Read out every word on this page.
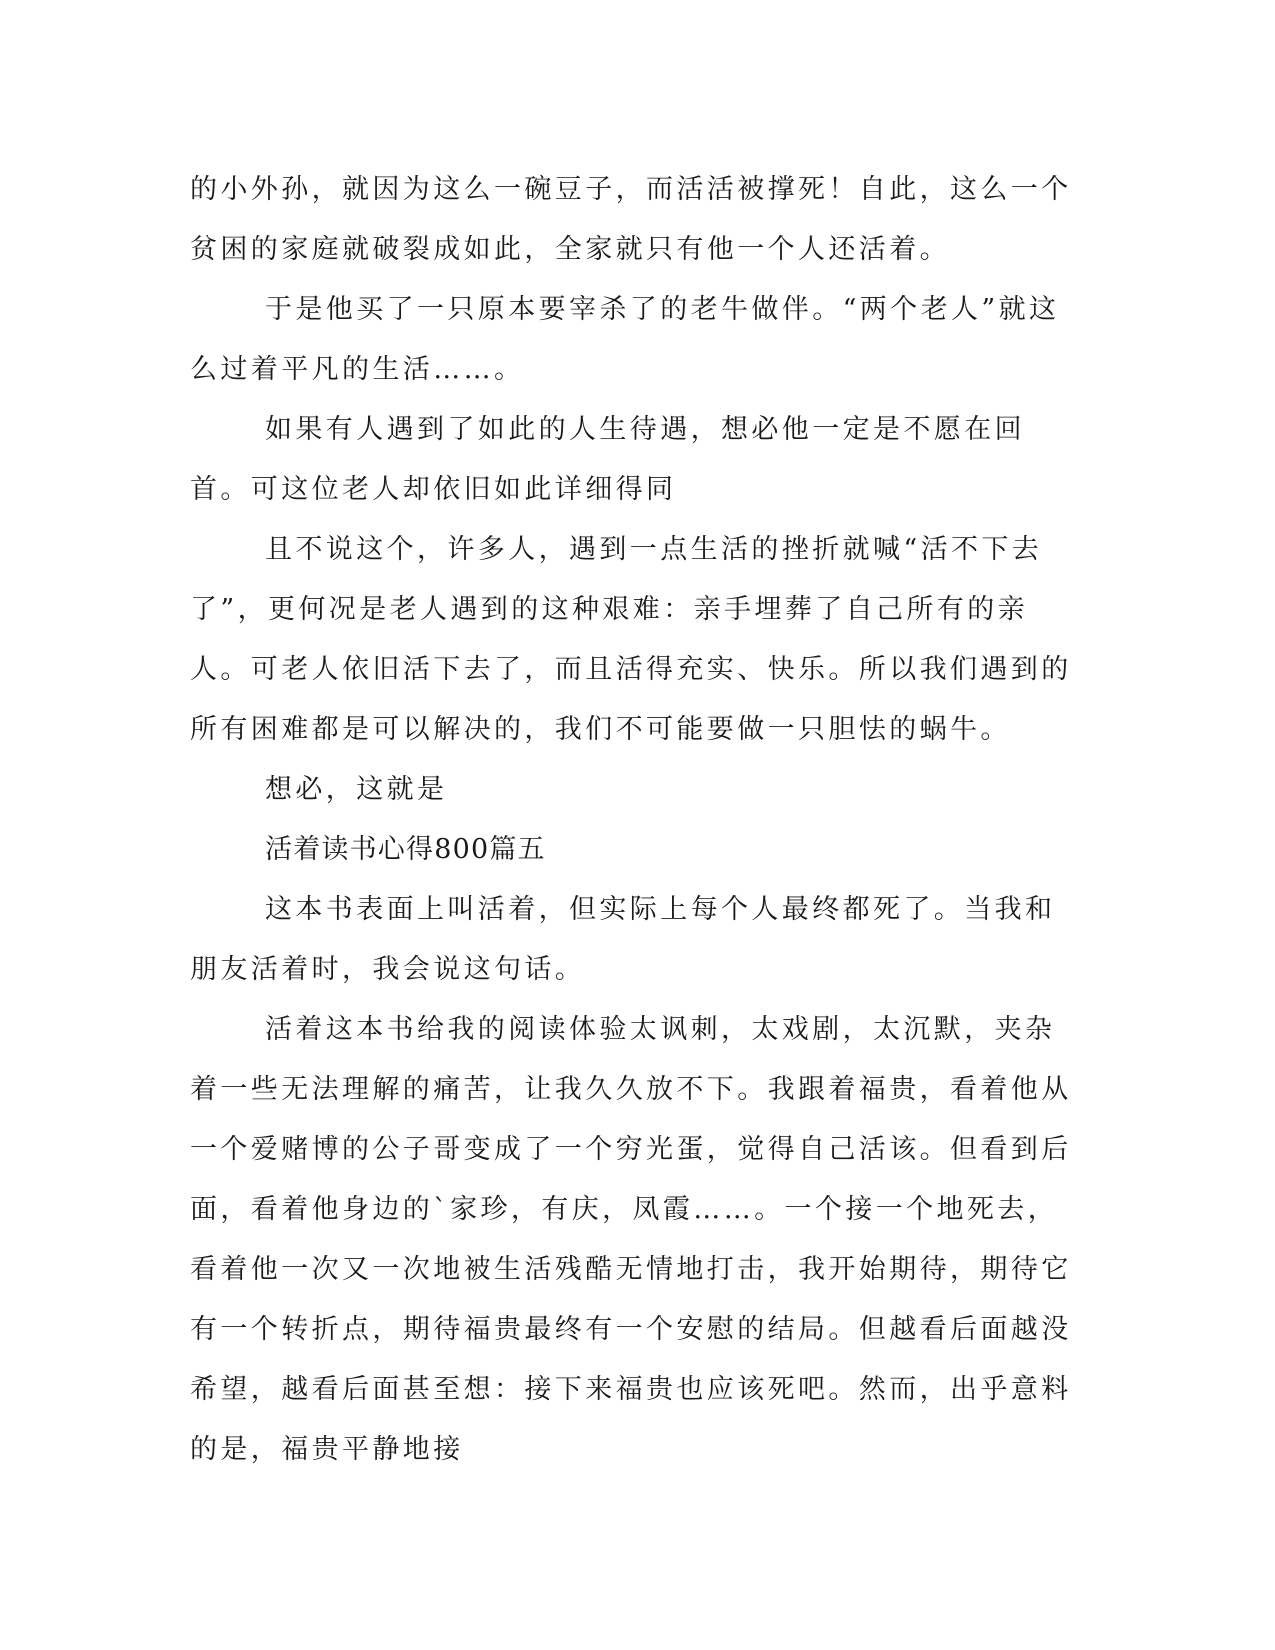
的小外孙，就因为这么一碗豆子，而活活被撑死！自此，这么一个贫困的家庭就破裂成如此，全家就只有他一个人还活着。

于是他买了一只原本要宰杀了的老牛做伴。“两个老人”就这么过着平凡的生活……。

如果有人遇到了如此的人生待遇，想必他一定是不愿在回首。可这位老人却依旧如此详细得同

且不说这个，许多人，遇到一点生活的挫折就喊“活不下去了”，更何况是老人遇到的这种艰难：亲手埋葬了自己所有的亲人。可老人依旧活下去了，而且活得充实、快乐。所以我们遇到的所有困难都是可以解决的，我们不可能要做一只胆怯的蜗牛。

想必，这就是

活着读书心得800篇五

这本书表面上叫活着，但实际上每个人最终都死了。当我和朋友活着时，我会说这句话。

活着这本书给我的阅读体验太讽刺，太戏剧，太沉默，夹杂着一些无法理解的痛苦，让我久久放不下。我跟着福贵，看着他从一个爱赌博的公子哥变成了一个穷光蛋，觉得自己活该。但看到后面，看着他身边的`家珍，有庆，凤霞……。一个接一个地死去，看着他一次又一次地被生活残酷无情地打击，我开始期待，期待它有一个转折点，期待福贵最终有一个安慰的结局。但越看后面越没希望，越看后面甚至想：接下来福贵也应该死吧。然而，出乎意料的是，福贵平静地接
